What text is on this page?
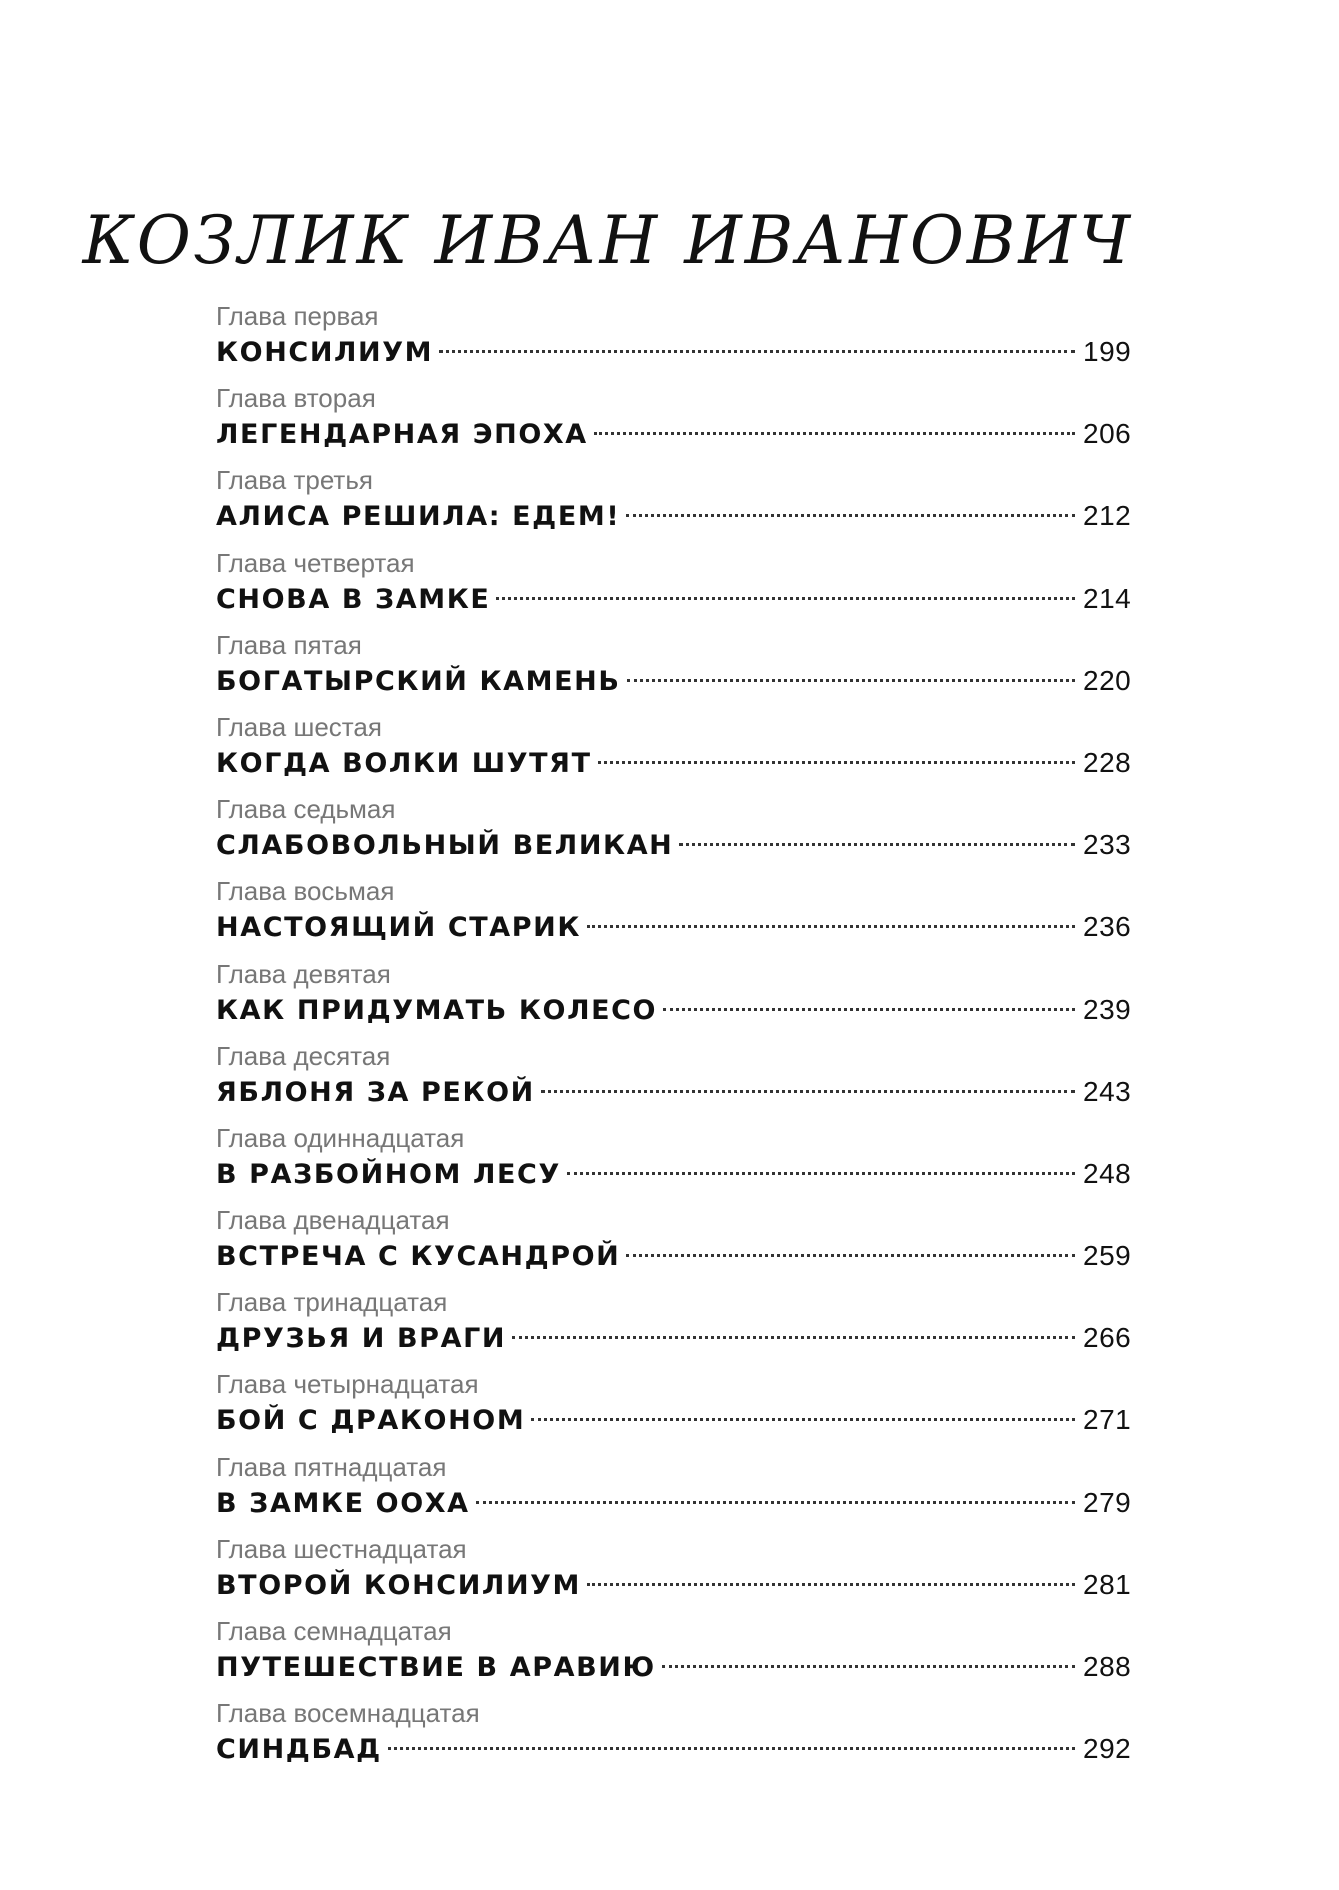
КОЗЛИК ИВАН ИВАНОВИЧ
Глава первая
КОНСИЛИУМ	199
Глава вторая
ЛЕГЕНДАРНАЯ ЭПОХА	206
Глава третья
АЛИСА РЕШИЛА: ЕДЕМ!	212
Глава четвертая
СНОВА В ЗАМКЕ	214
Глава пятая
БОГАТЫРСКИЙ КАМЕНЬ	220
Глава шестая
КОГДА ВОЛКИ ШУТЯТ	228
Глава седьмая
СЛАБОВОЛЬНЫЙ ВЕЛИКАН	233
Глава восьмая
НАСТОЯЩИЙ СТАРИК	236
Глава девятая
КАК ПРИДУМАТЬ КОЛЕСО	239
Глава десятая
ЯБЛОНЯ ЗА РЕКОЙ	243
Глава одиннадцатая
В РАЗБОЙНОМ ЛЕСУ	248
Глава двенадцатая
ВСТРЕЧА С КУСАНДРОЙ	259
Глава тринадцатая
ДРУЗЬЯ И ВРАГИ	266
Глава четырнадцатая
БОЙ С ДРАКОНОМ	271
Глава пятнадцатая
В ЗАМКЕ ООХА	279
Глава шестнадцатая
ВТОРОЙ КОНСИЛИУМ	281
Глава семнадцатая
ПУТЕШЕСТВИЕ В АРАВИЮ	288
Глава восемнадцатая
СИНДБАД	292
